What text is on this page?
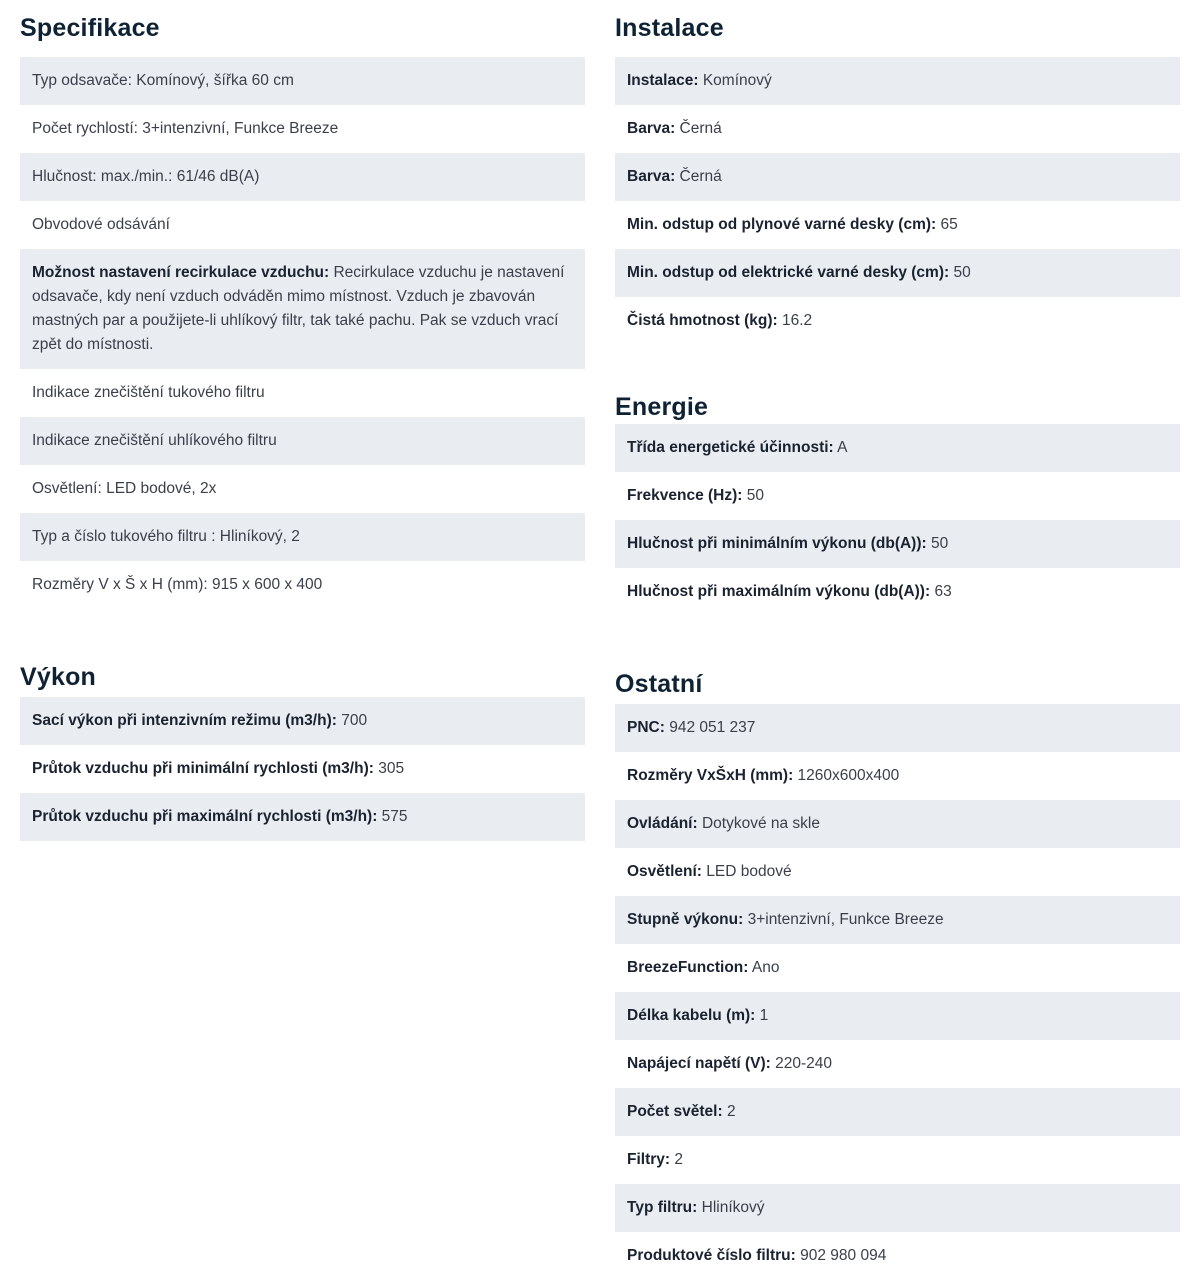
Specifikace
Typ odsavače: Komínový, šířka 60 cm
Počet rychlostí: 3+intenzivní, Funkce Breeze
Hlučnost: max./min.: 61/46 dB(A)
Obvodové odsávání
Možnost nastavení recirkulace vzduchu: Recirkulace vzduchu je nastavení odsavače, kdy není vzduch odváděn mimo místnost. Vzduch je zbavován mastných par a použijete-li uhlíkový filtr, tak také pachu. Pak se vzduch vrací zpět do místnosti.
Indikace znečištění tukového filtru
Indikace znečištění uhlíkového filtru
Osvětlení: LED bodové, 2x
Typ a číslo tukového filtru : Hliníkový, 2
Rozměry V x Š x H (mm): 915 x 600 x 400
Výkon
Sací výkon při intenzivním režimu (m3/h): 700
Průtok vzduchu při minimální rychlosti (m3/h): 305
Průtok vzduchu při maximální rychlosti (m3/h): 575
Instalace
Instalace: Komínový
Barva: Černá
Barva: Černá
Min. odstup od plynové varné desky (cm): 65
Min. odstup od elektrické varné desky (cm): 50
Čistá hmotnost (kg): 16.2
Energie
Třída energetické účinnosti: A
Frekvence (Hz): 50
Hlučnost při minimálním výkonu (db(A)): 50
Hlučnost při maximálním výkonu (db(A)): 63
Ostatní
PNC: 942 051 237
Rozměry VxŠxH (mm): 1260x600x400
Ovládání: Dotykové na skle
Osvětlení: LED bodové
Stupně výkonu: 3+intenzivní, Funkce Breeze
BreezeFunction: Ano
Délka kabelu (m): 1
Napájecí napětí (V): 220-240
Počet světel: 2
Filtry: 2
Typ filtru: Hliníkový
Produktové číslo filtru: 902 980 094
